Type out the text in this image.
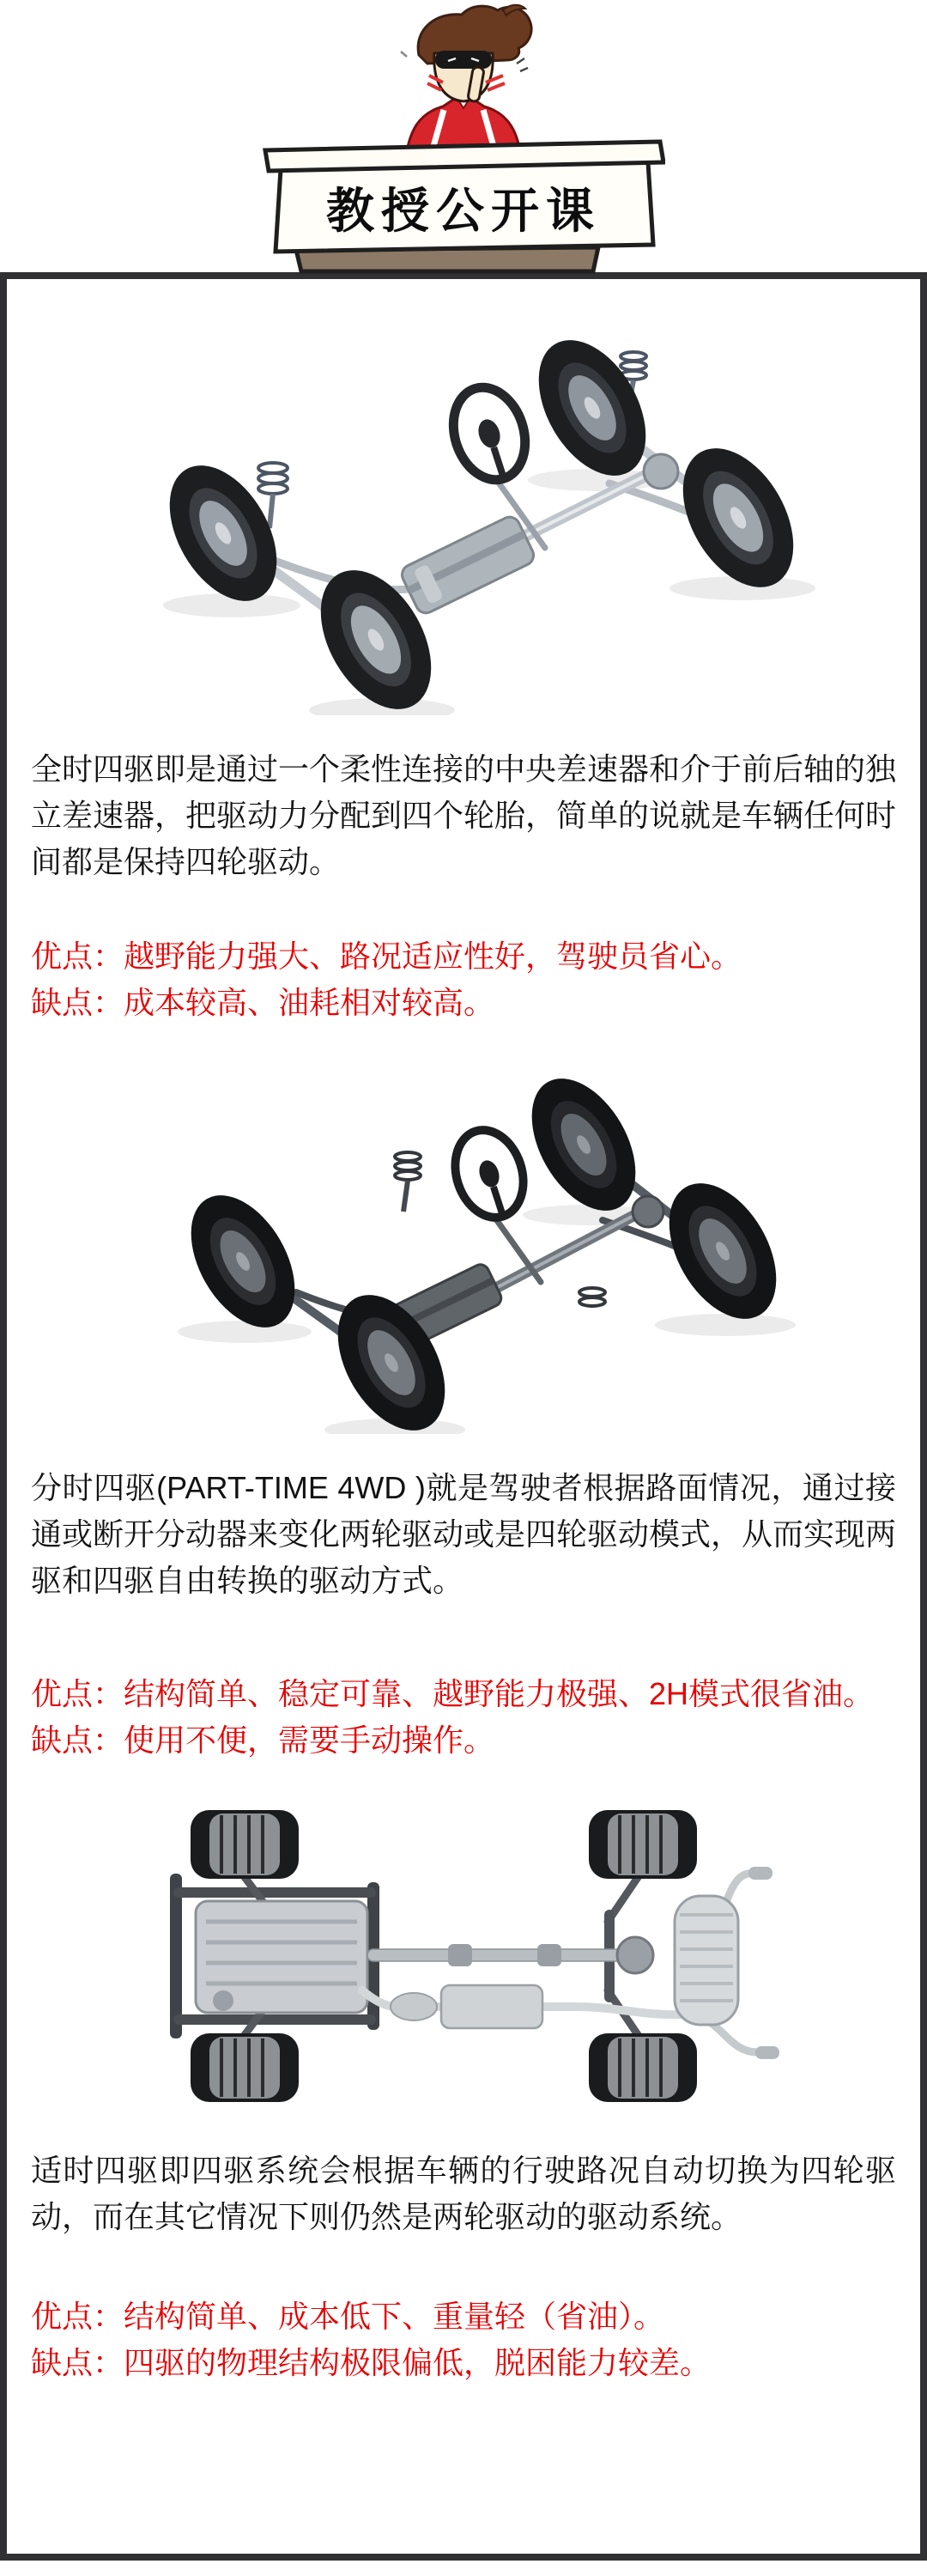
教授公开课

全时四驱即是通过一个柔性连接的中央差速器和介于前后轴的独立差速器，把驱动力分配到四个轮胎，简单的说就是车辆任何时间都是保持四轮驱动。

优点：越野能力强大、路况适应性好，驾驶员省心。

缺点：成本较高、油耗相对较高。

分时四驱(PART-TIME 4WD )就是驾驶者根据路面情况，通过接通或断开分动器来变化两轮驱动或是四轮驱动模式，从而实现两驱和四驱自由转换的驱动方式。

优点：结构简单、稳定可靠、越野能力极强、2H模式很省油。

缺点：使用不便，需要手动操作。

适时四驱即四驱系统会根据车辆的行驶路况自动切换为四轮驱动，而在其它情况下则仍然是两轮驱动的驱动系统。

优点：结构简单、成本低下、重量轻（省油）。

缺点：四驱的物理结构极限偏低，脱困能力较差。
